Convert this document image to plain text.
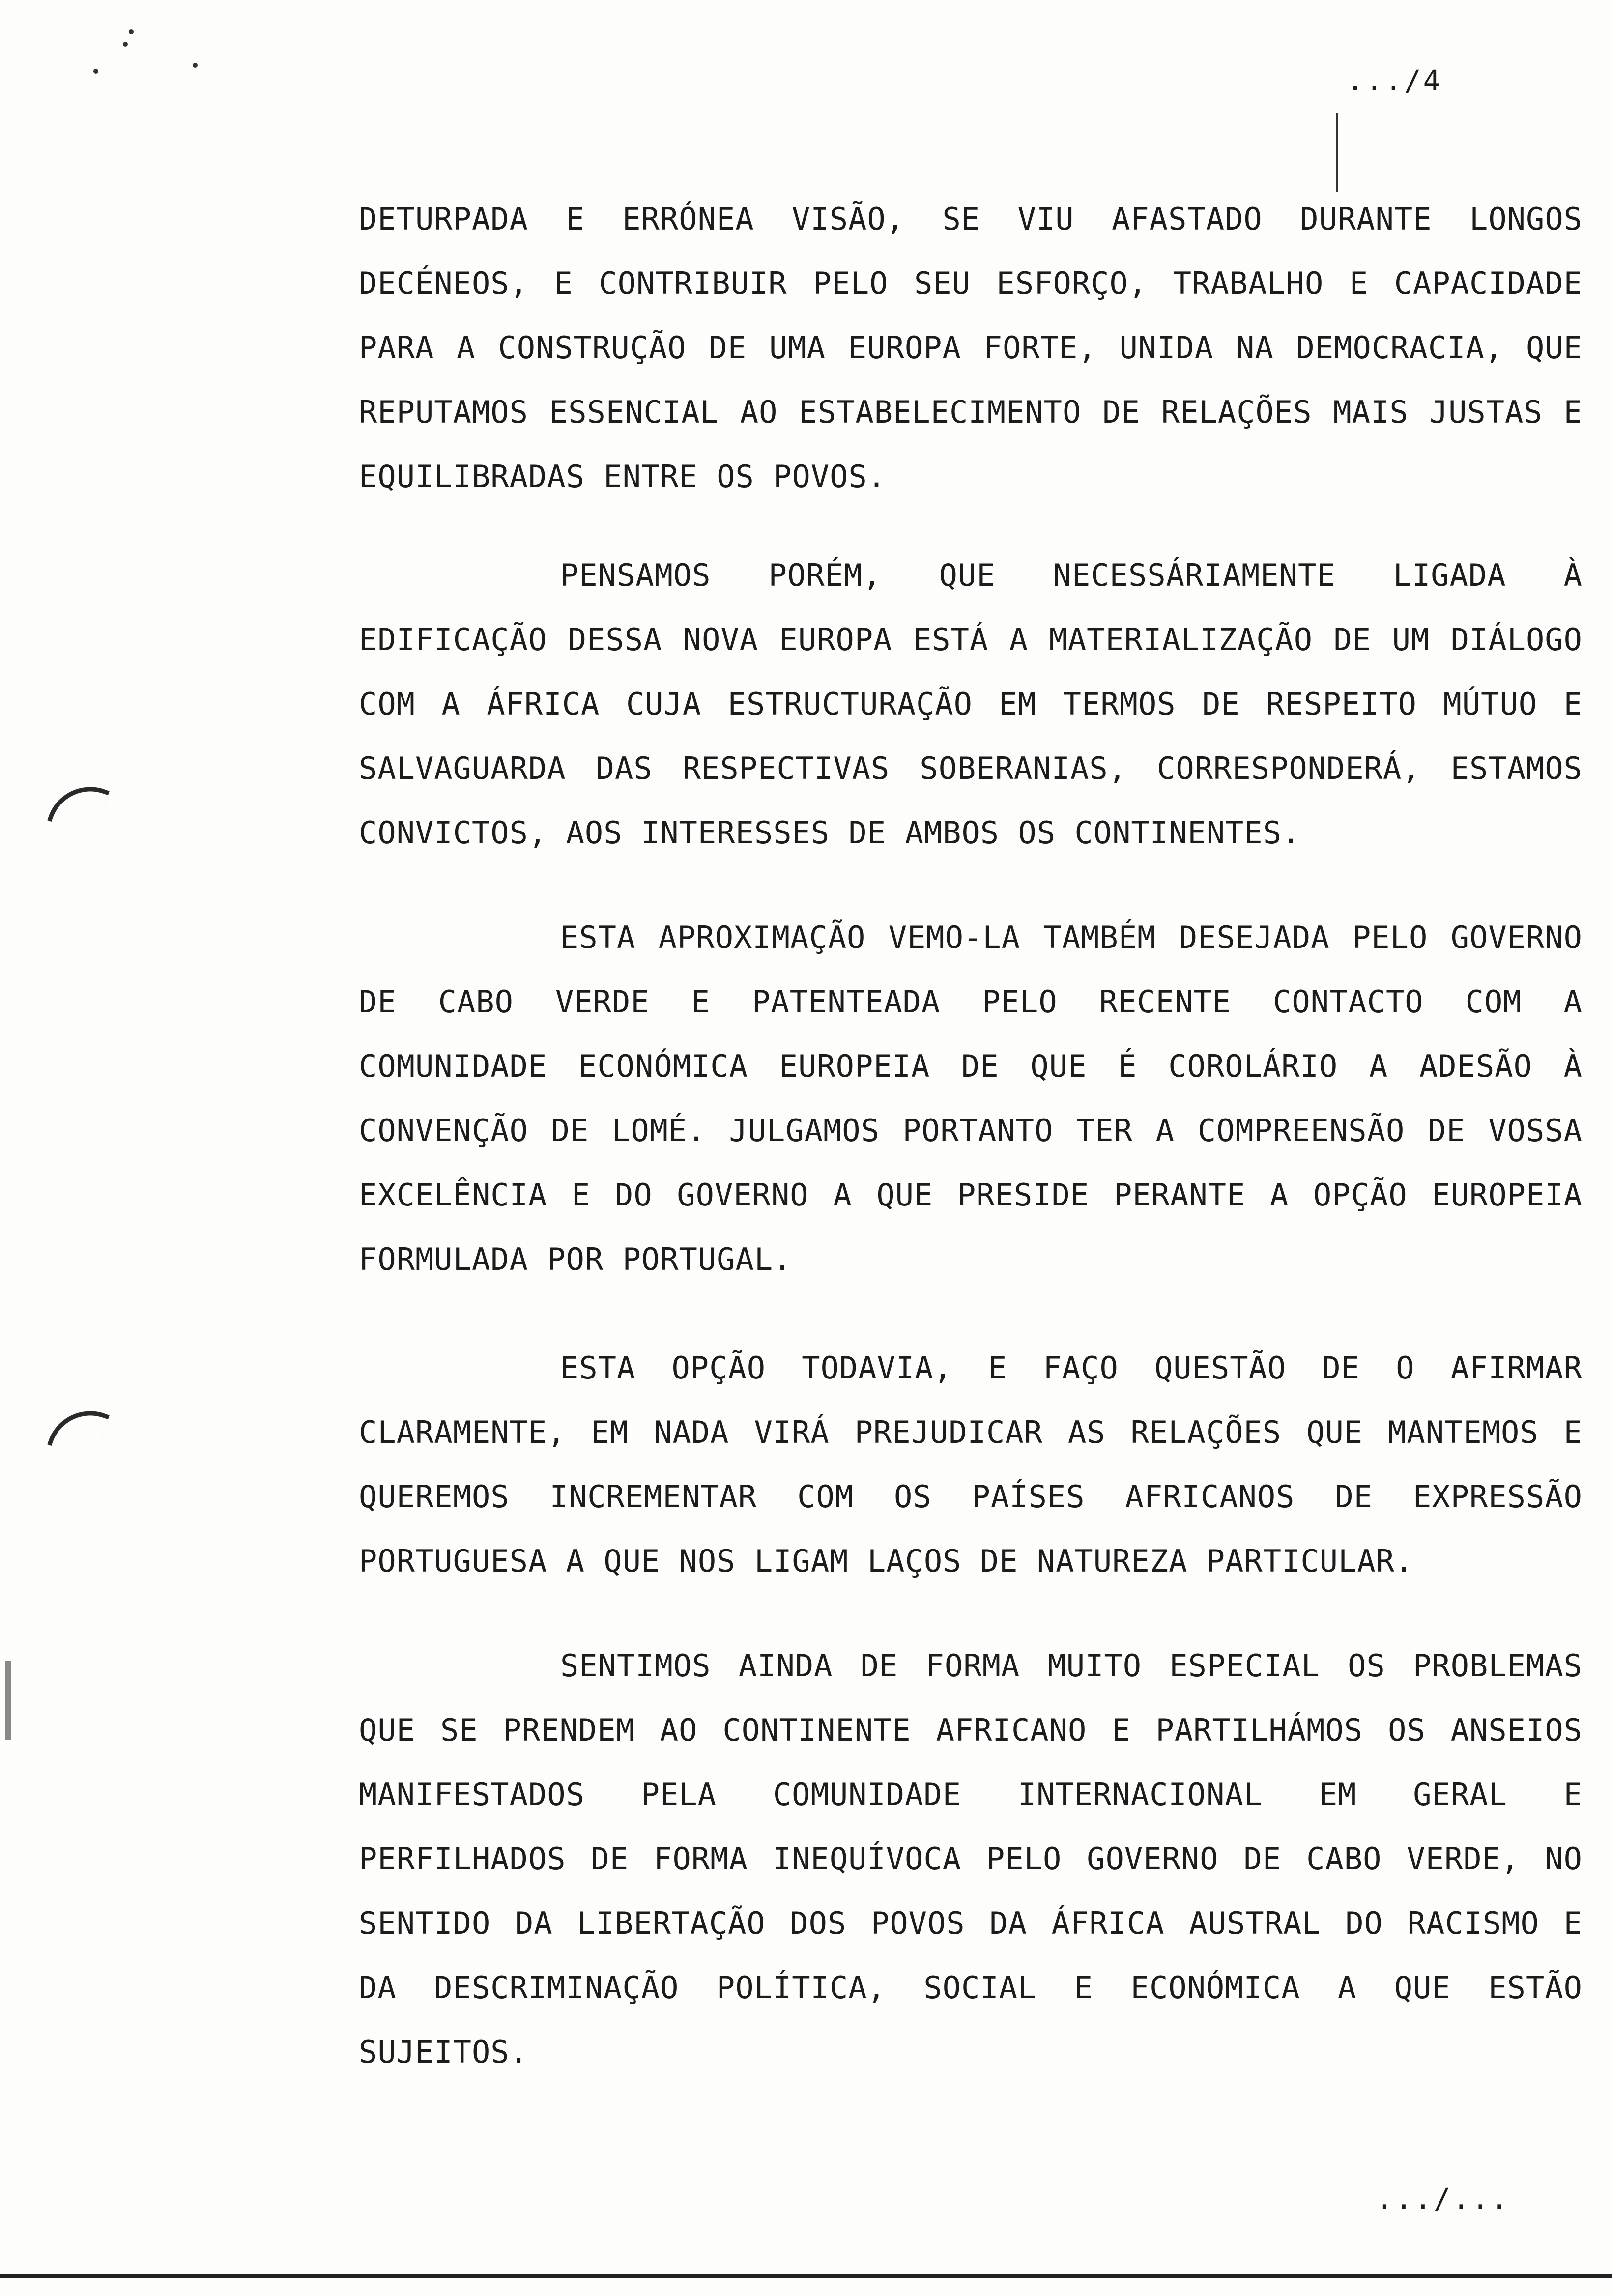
.../4

DETURPADA E ERRÓNEA VISÃO, SE VIU AFASTADO DURANTE LONGOS DECÉNEOS, E CONTRIBUIR PELO SEU ESFORÇO, TRABALHO E CAPACIDADE PARA A CONSTRUÇÃO DE UMA EUROPA FORTE, UNIDA NA DEMOCRACIA, QUE REPUTAMOS ESSENCIAL AO ESTABELECIMENTO DE RELAÇÕES MAIS JUSTAS E EQUILIBRADAS ENTRE OS POVOS.

PENSAMOS PORÉM, QUE NECESSÁRIAMENTE LIGADA À EDIFICAÇÃO DESSA NOVA EUROPA ESTÁ A MATERIALIZAÇÃO DE UM DIÁLOGO COM A ÁFRICA CUJA ESTRUCTURAÇÃO EM TERMOS DE RESPEITO MÚTUO E SALVAGUARDA DAS RESPECTIVAS SOBERANIAS, CORRESPONDERÁ, ESTAMOS CONVICTOS, AOS INTERESSES DE AMBOS OS CONTINENTES.

ESTA APROXIMAÇÃO VEMO-LA TAMBÉM DESEJADA PELO GOVERNO DE CABO VERDE E PATENTEADA PELO RECENTE CONTACTO COM A COMUNIDADE ECONÓMICA EUROPEIA DE QUE É COROLÁRIO A ADESÃO À CONVENÇÃO DE LOMÉ. JULGAMOS PORTANTO TER A COMPREENSÃO DE VOSSA EXCELÊNCIA E DO GOVERNO A QUE PRESIDE PERANTE A OPÇÃO EUROPEIA FORMULADA POR PORTUGAL.

ESTA OPÇÃO TODAVIA, E FAÇO QUESTÃO DE O AFIRMAR CLARAMENTE, EM NADA VIRÁ PREJUDICAR AS RELAÇÕES QUE MANTEMOS E QUEREMOS INCREMENTAR COM OS PAÍSES AFRICANOS DE EXPRESSÃO PORTUGUESA A QUE NOS LIGAM LAÇOS DE NATUREZA PARTICULAR.

SENTIMOS AINDA DE FORMA MUITO ESPECIAL OS PROBLEMAS QUE SE PRENDEM AO CONTINENTE AFRICANO E PARTILHÁMOS OS ANSEIOS MANIFESTADOS PELA COMUNIDADE INTERNACIONAL EM GERAL E PERFILHADOS DE FORMA INEQUÍVOCA PELO GOVERNO DE CABO VERDE, NO SENTIDO DA LIBERTAÇÃO DOS POVOS DA ÁFRICA AUSTRAL DO RACISMO E DA DESCRIMINAÇÃO POLÍTICA, SOCIAL E ECONÓMICA A QUE ESTÃO SUJEITOS.

.../...
